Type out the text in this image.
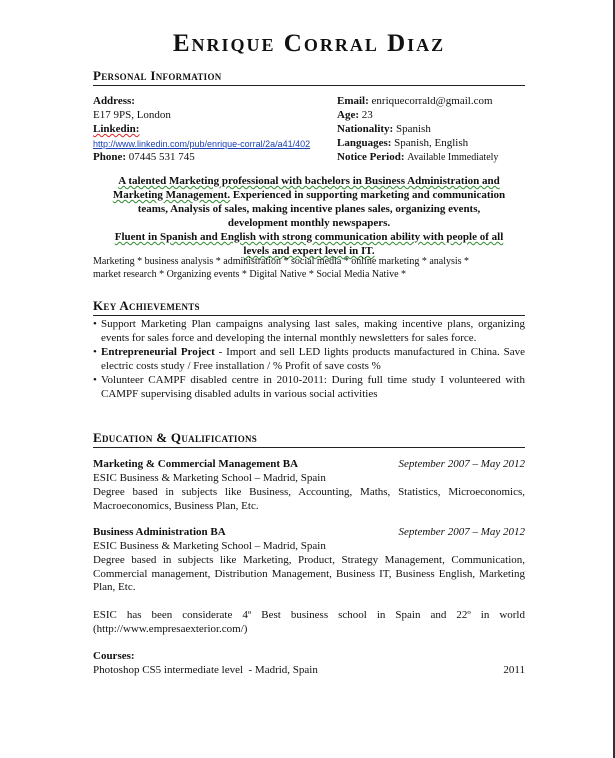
Enrique Corral Diaz
Personal Information
Address:
E17 9PS, London
Linkedin:
http://www.linkedin.com/pub/enrique-corral/2a/a41/402
Phone: 07445 531 745
Email: enriquecorrald@gmail.com
Age: 23
Nationality: Spanish
Languages: Spanish, English
Notice Period: Available Immediately
A talented Marketing professional with bachelors in Business Administration and
Marketing Management. Experienced in supporting marketing and communication
teams, Analysis of sales, making incentive planes sales, organizing events,
development monthly newspapers.
Fluent in Spanish and English with strong communication ability with people of all
levels and expert level in IT.
Marketing * business analysis * administration * social media * online marketing * analysis *
market research * Organizing events * Digital Native * Social Media Native *
Key Achievements
• Support Marketing Plan campaigns analysing last sales, making incentive plans, organizing events for sales force and developing the internal monthly newsletters for sales force.
• Entrepreneurial Project - Import and sell LED lights products manufactured in China. Save electric costs study / Free installation / % Profit of save costs %
• Volunteer CAMPF disabled centre in 2010-2011: During full time study I volunteered with CAMPF supervising disabled adults in various social activities
Education & Qualifications
Marketing & Commercial Management BA	September 2007 – May 2012
ESIC Business & Marketing School – Madrid, Spain
Degree based in subjects like Business, Accounting, Maths, Statistics, Microeconomics, Macroeconomics, Business Plan, Etc.
Business Administration BA	September 2007 – May 2012
ESIC Business & Marketing School – Madrid, Spain
Degree based in subjects like Marketing, Product, Strategy Management, Communication, Commercial management, Distribution Management, Business IT, Business English, Marketing Plan, Etc.
ESIC has been considerate 4º Best business school in Spain and 22º in world (http://www.empresaexterior.com/)
Courses:
Photoshop CS5 intermediate level  - Madrid, Spain	2011
